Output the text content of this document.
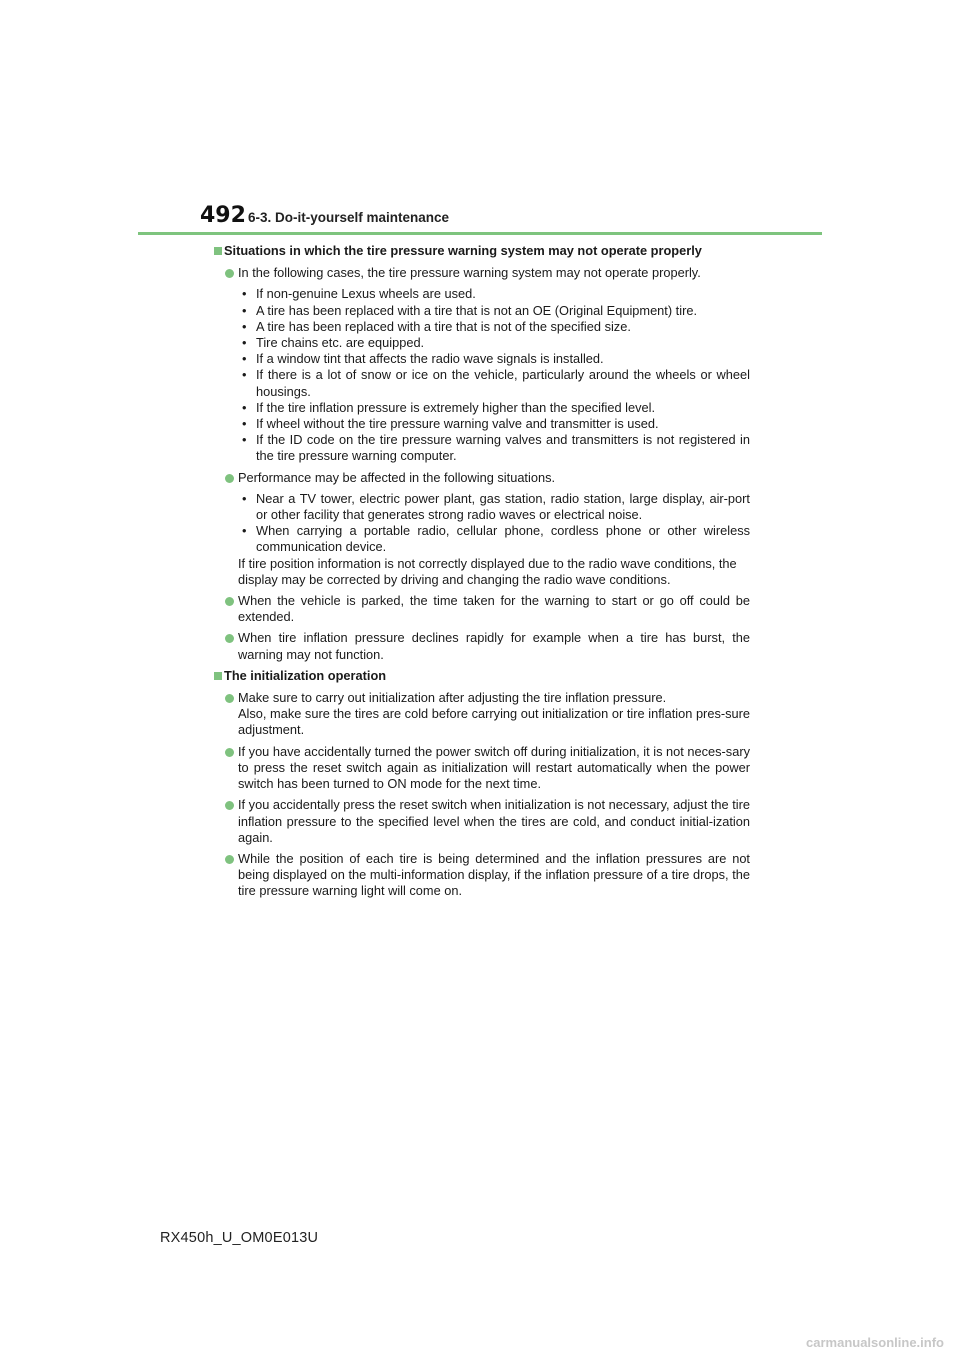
492 6-3. Do-it-yourself maintenance
Situations in which the tire pressure warning system may not operate properly
In the following cases, the tire pressure warning system may not operate properly.
• If non-genuine Lexus wheels are used.
• A tire has been replaced with a tire that is not an OE (Original Equipment) tire.
• A tire has been replaced with a tire that is not of the specified size.
• Tire chains etc. are equipped.
• If a window tint that affects the radio wave signals is installed.
• If there is a lot of snow or ice on the vehicle, particularly around the wheels or wheel housings.
• If the tire inflation pressure is extremely higher than the specified level.
• If wheel without the tire pressure warning valve and transmitter is used.
• If the ID code on the tire pressure warning valves and transmitters is not registered in the tire pressure warning computer.
Performance may be affected in the following situations.
• Near a TV tower, electric power plant, gas station, radio station, large display, air-port or other facility that generates strong radio waves or electrical noise.
• When carrying a portable radio, cellular phone, cordless phone or other wireless communication device.
If tire position information is not correctly displayed due to the radio wave conditions, the display may be corrected by driving and changing the radio wave conditions.
When the vehicle is parked, the time taken for the warning to start or go off could be extended.
When tire inflation pressure declines rapidly for example when a tire has burst, the warning may not function.
The initialization operation
Make sure to carry out initialization after adjusting the tire inflation pressure.
Also, make sure the tires are cold before carrying out initialization or tire inflation pres-sure adjustment.
If you have accidentally turned the power switch off during initialization, it is not neces-sary to press the reset switch again as initialization will restart automatically when the power switch has been turned to ON mode for the next time.
If you accidentally press the reset switch when initialization is not necessary, adjust the tire inflation pressure to the specified level when the tires are cold, and conduct initial-ization again.
While the position of each tire is being determined and the inflation pressures are not being displayed on the multi-information display, if the inflation pressure of a tire drops, the tire pressure warning light will come on.
RX450h_U_OM0E013U
carmanualsonline.info
